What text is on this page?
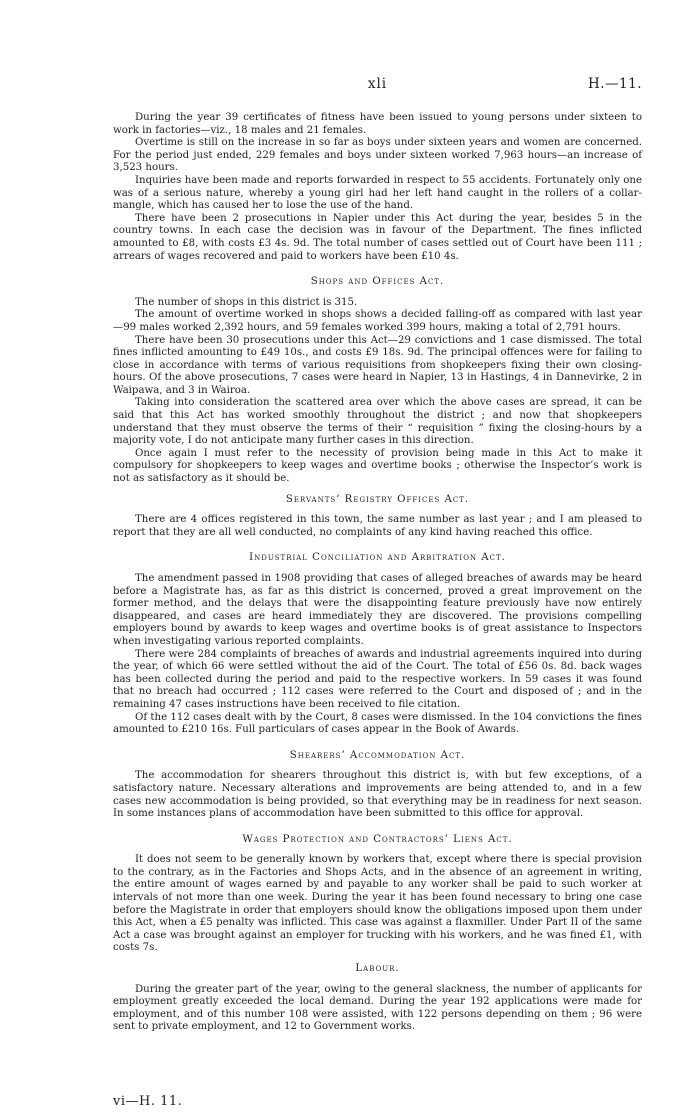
xli	H.—11.

During the year 39 certificates of fitness have been issued to young persons under sixteen to work in factories—viz., 18 males and 21 females.

Overtime is still on the increase in so far as boys under sixteen years and women are concerned. For the period just ended, 229 females and boys under sixteen worked 7,963 hours—an increase of 3,523 hours.

Inquiries have been made and reports forwarded in respect to 55 accidents. Fortunately only one was of a serious nature, whereby a young girl had her left hand caught in the rollers of a collar-mangle, which has caused her to lose the use of the hand.

There have been 2 prosecutions in Napier under this Act during the year, besides 5 in the country towns. In each case the decision was in favour of the Department. The fines inflicted amounted to £8, with costs £3 4s. 9d. The total number of cases settled out of Court have been 111 ; arrears of wages recovered and paid to workers have been £10 4s.

Shops and Offices Act.

The number of shops in this district is 315.

The amount of overtime worked in shops shows a decided falling-off as compared with last year —99 males worked 2,392 hours, and 59 females worked 399 hours, making a total of 2,791 hours.

There have been 30 prosecutions under this Act—29 convictions and 1 case dismissed. The total fines inflicted amounting to £49 10s., and costs £9 18s. 9d. The principal offences were for failing to close in accordance with terms of various requisitions from shopkeepers fixing their own closing-hours. Of the above prosecutions, 7 cases were heard in Napier, 13 in Hastings, 4 in Dannevirke, 2 in Waipawa, and 3 in Wairoa.

Taking into consideration the scattered area over which the above cases are spread, it can be said that this Act has worked smoothly throughout the district ; and now that shopkeepers understand that they must observe the terms of their “ requisition ” fixing the closing-hours by a majority vote, I do not anticipate many further cases in this direction.

Once again I must refer to the necessity of provision being made in this Act to make it compulsory for shopkeepers to keep wages and overtime books ; otherwise the Inspector’s work is not as satisfactory as it should be.

Servants’ Registry Offices Act.

There are 4 offices registered in this town, the same number as last year ; and I am pleased to report that they are all well conducted, no complaints of any kind having reached this office.

Industrial Conciliation and Arbitration Act.

The amendment passed in 1908 providing that cases of alleged breaches of awards may be heard before a Magistrate has, as far as this district is concerned, proved a great improvement on the former method, and the delays that were the disappointing feature previously have now entirely disappeared, and cases are heard immediately they are discovered. The provisions compelling employers bound by awards to keep wages and overtime books is of great assistance to Inspectors when investigating various reported complaints.

There were 284 complaints of breaches of awards and industrial agreements inquired into during the year, of which 66 were settled without the aid of the Court. The total of £56 0s. 8d. back wages has been collected during the period and paid to the respective workers. In 59 cases it was found that no breach had occurred ; 112 cases were referred to the Court and disposed of ; and in the remaining 47 cases instructions have been received to file citation.

Of the 112 cases dealt with by the Court, 8 cases were dismissed. In the 104 convictions the fines amounted to £210 16s. Full particulars of cases appear in the Book of Awards.

Shearers’ Accommodation Act.

The accommodation for shearers throughout this district is, with but few exceptions, of a satisfactory nature. Necessary alterations and improvements are being attended to, and in a few cases new accommodation is being provided, so that everything may be in readiness for next season. In some instances plans of accommodation have been submitted to this office for approval.

Wages Protection and Contractors’ Liens Act.

It does not seem to be generally known by workers that, except where there is special provision to the contrary, as in the Factories and Shops Acts, and in the absence of an agreement in writing, the entire amount of wages earned by and payable to any worker shall be paid to such worker at intervals of not more than one week. During the year it has been found necessary to bring one case before the Magistrate in order that employers should know the obligations imposed upon them under this Act, when a £5 penalty was inflicted. This case was against a flaxmiller. Under Part II of the same Act a case was brought against an employer for trucking with his workers, and he was fined £1, with costs 7s.

Labour.

During the greater part of the year, owing to the general slackness, the number of applicants for employment greatly exceeded the local demand. During the year 192 applications were made for employment, and of this number 108 were assisted, with 122 persons depending on them ; 96 were sent to private employment, and 12 to Government works.

vi—H. 11.
